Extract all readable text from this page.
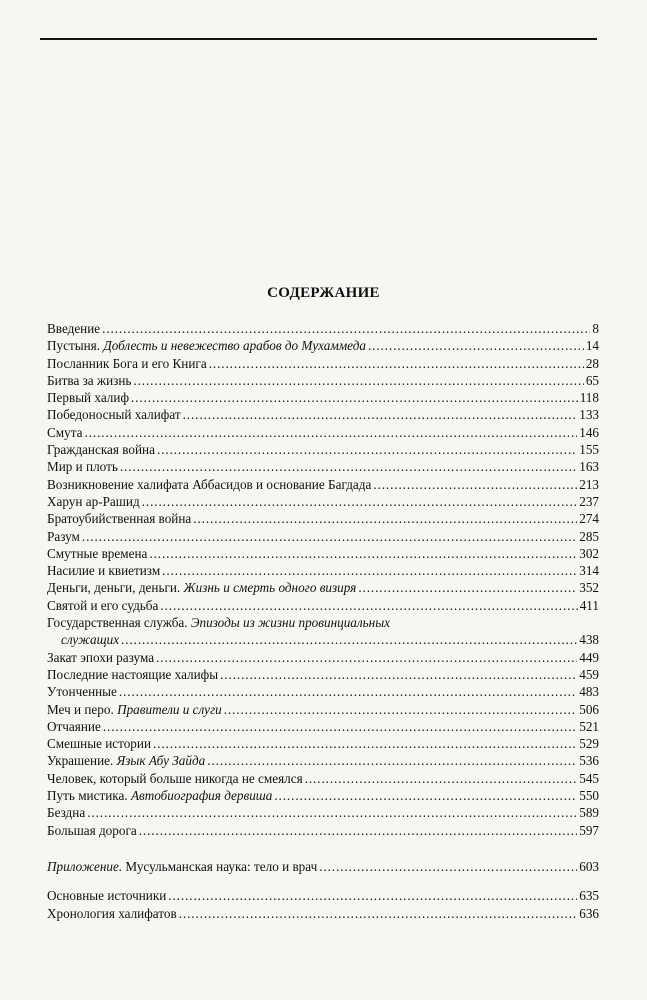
СОДЕРЖАНИЕ
Введение . . .	8
Пустыня. Доблесть и невежество арабов до Мухаммеда . . .	14
Посланник Бога и его Книга . . .	28
Битва за жизнь . . .	65
Первый халиф . . .	118
Победоносный халифат . . .	133
Смута . . .	146
Гражданская война . . .	155
Мир и плоть . . .	163
Возникновение халифата Аббасидов и основание Багдада . . .	213
Харун ар-Рашид . . .	237
Братоубийственная война . . .	274
Разум . . .	285
Смутные времена . . .	302
Насилие и квиетизм . . .	314
Деньги, деньги, деньги. Жизнь и смерть одного визиря . . .	352
Святой и его судьба . . .	411
Государственная служба. Эпизоды из жизни провинциальных
служащих . . .	438
Закат эпохи разума . . .	449
Последние настоящие халифы . . .	459
Утонченные . . .	483
Меч и перо. Правители и слуги . . .	506
Отчаяние . . .	521
Смешные истории . . .	529
Украшение. Язык Абу Зайда . . .	536
Человек, который больше никогда не смеялся . . .	545
Путь мистика. Автобиография дервиша . . .	550
Бездна . . .	589
Большая дорога . . .	597
Приложение. Мусульманская наука: тело и врач . . .	603
Основные источники . . .	635
Хронология халифатов . . .	636
